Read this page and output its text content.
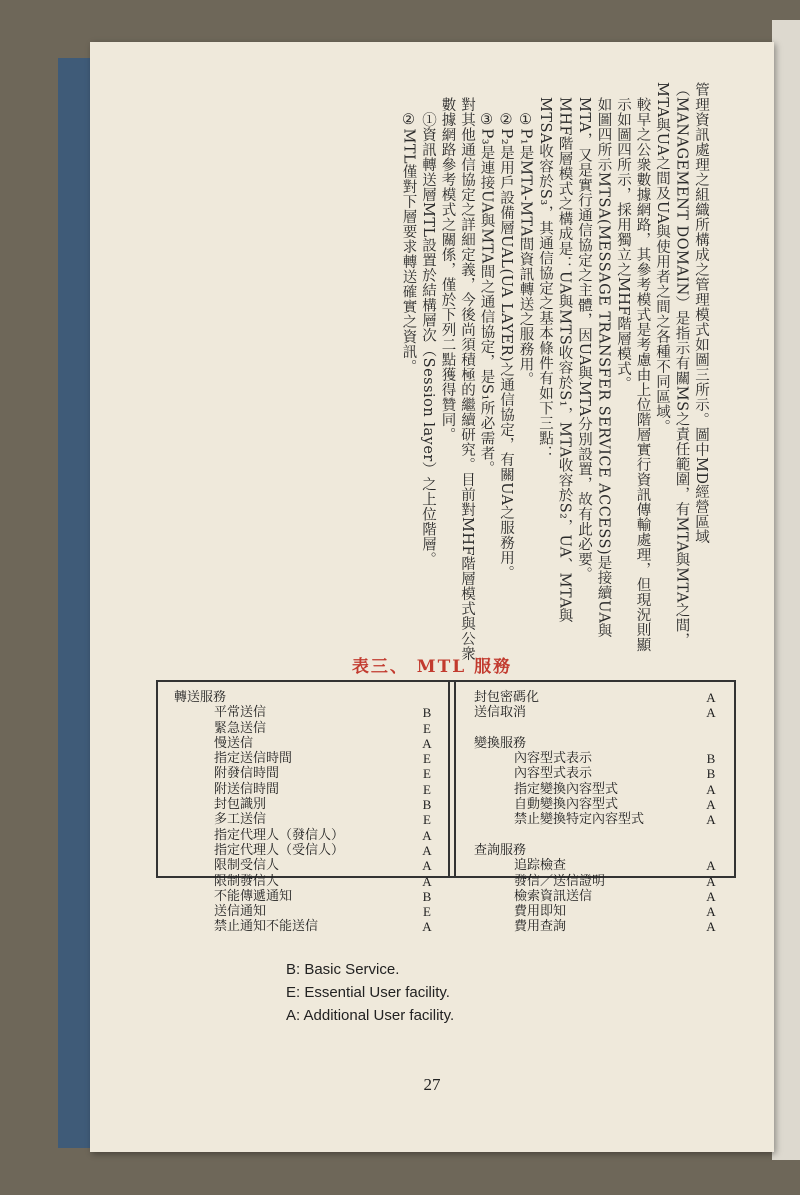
管理資訊處理之組織所構成之管理模式如圖三所示。圖中MD經營區域（MANAGEMENT DOMAIN）是指示有關MS之責任範圍，有MTA與MTA之間，MTA與UA之間及UA與使用者之間之各種不同區域。

較早之公衆數據網路，其參考模式是考慮由上位階層實行資訊傳輸處理，但現況則顯示如圖四所示，採用獨立之MHF階層模式。

如圖四所示MTSA(MESSAGE TRANSFER SERVICE ACCESS)是接續UA與MTA，又是實行通信協定之主體，因UA與MTA分別設置，故有此必要。

MHF階層模式之構成是：UA與MTS收容於S₁，MTA收容於S₂，UA、MTA與MTSA收容於S₃，其通信協定之基本條件有如下三點：

①P₁是MTA-MTA間資訊轉送之服務用。

②P₂是用戶設備層UAL(UA LAYER)之通信協定，有關UA之服務用。

③P₃是連接UA與MTA間之通信協定，是S₁所必需者。

對其他通信協定之詳細定義，今後尚須積極的繼續研究。目前對MHF階層模式與公衆數據網路參考模式之關係，僅於下列二點獲得贊同。

①資訊轉送層MTL設置於結構層次（Session layer）之上位階層。

②MTL僅對下層要求轉送確實之資訊。

表三、 MTL 服務
轉送服務
平常送信	B
緊急送信	E
慢送信	A
指定送信時間	E
附發信時間	E
附送信時間	E
封包識別	B
多工送信	E
指定代理人（發信人）	A
指定代理人（受信人）	A
限制受信人	A
限制發信人	A
不能傳遞通知	B
送信通知	E
禁止通知不能送信	A
封包密碼化	A
送信取消	A
變換服務
內容型式表示	B
內容型式表示	B
指定變換內容型式	A
自動變換內容型式	A
禁止變換特定內容型式	A
查詢服務
追踪檢查	A
發信／送信證明	A
檢索資訊送信	A
費用即知	A
費用查詢	A
B: Basic Service.
E: Essential User facility.
A: Additional User facility.
27
